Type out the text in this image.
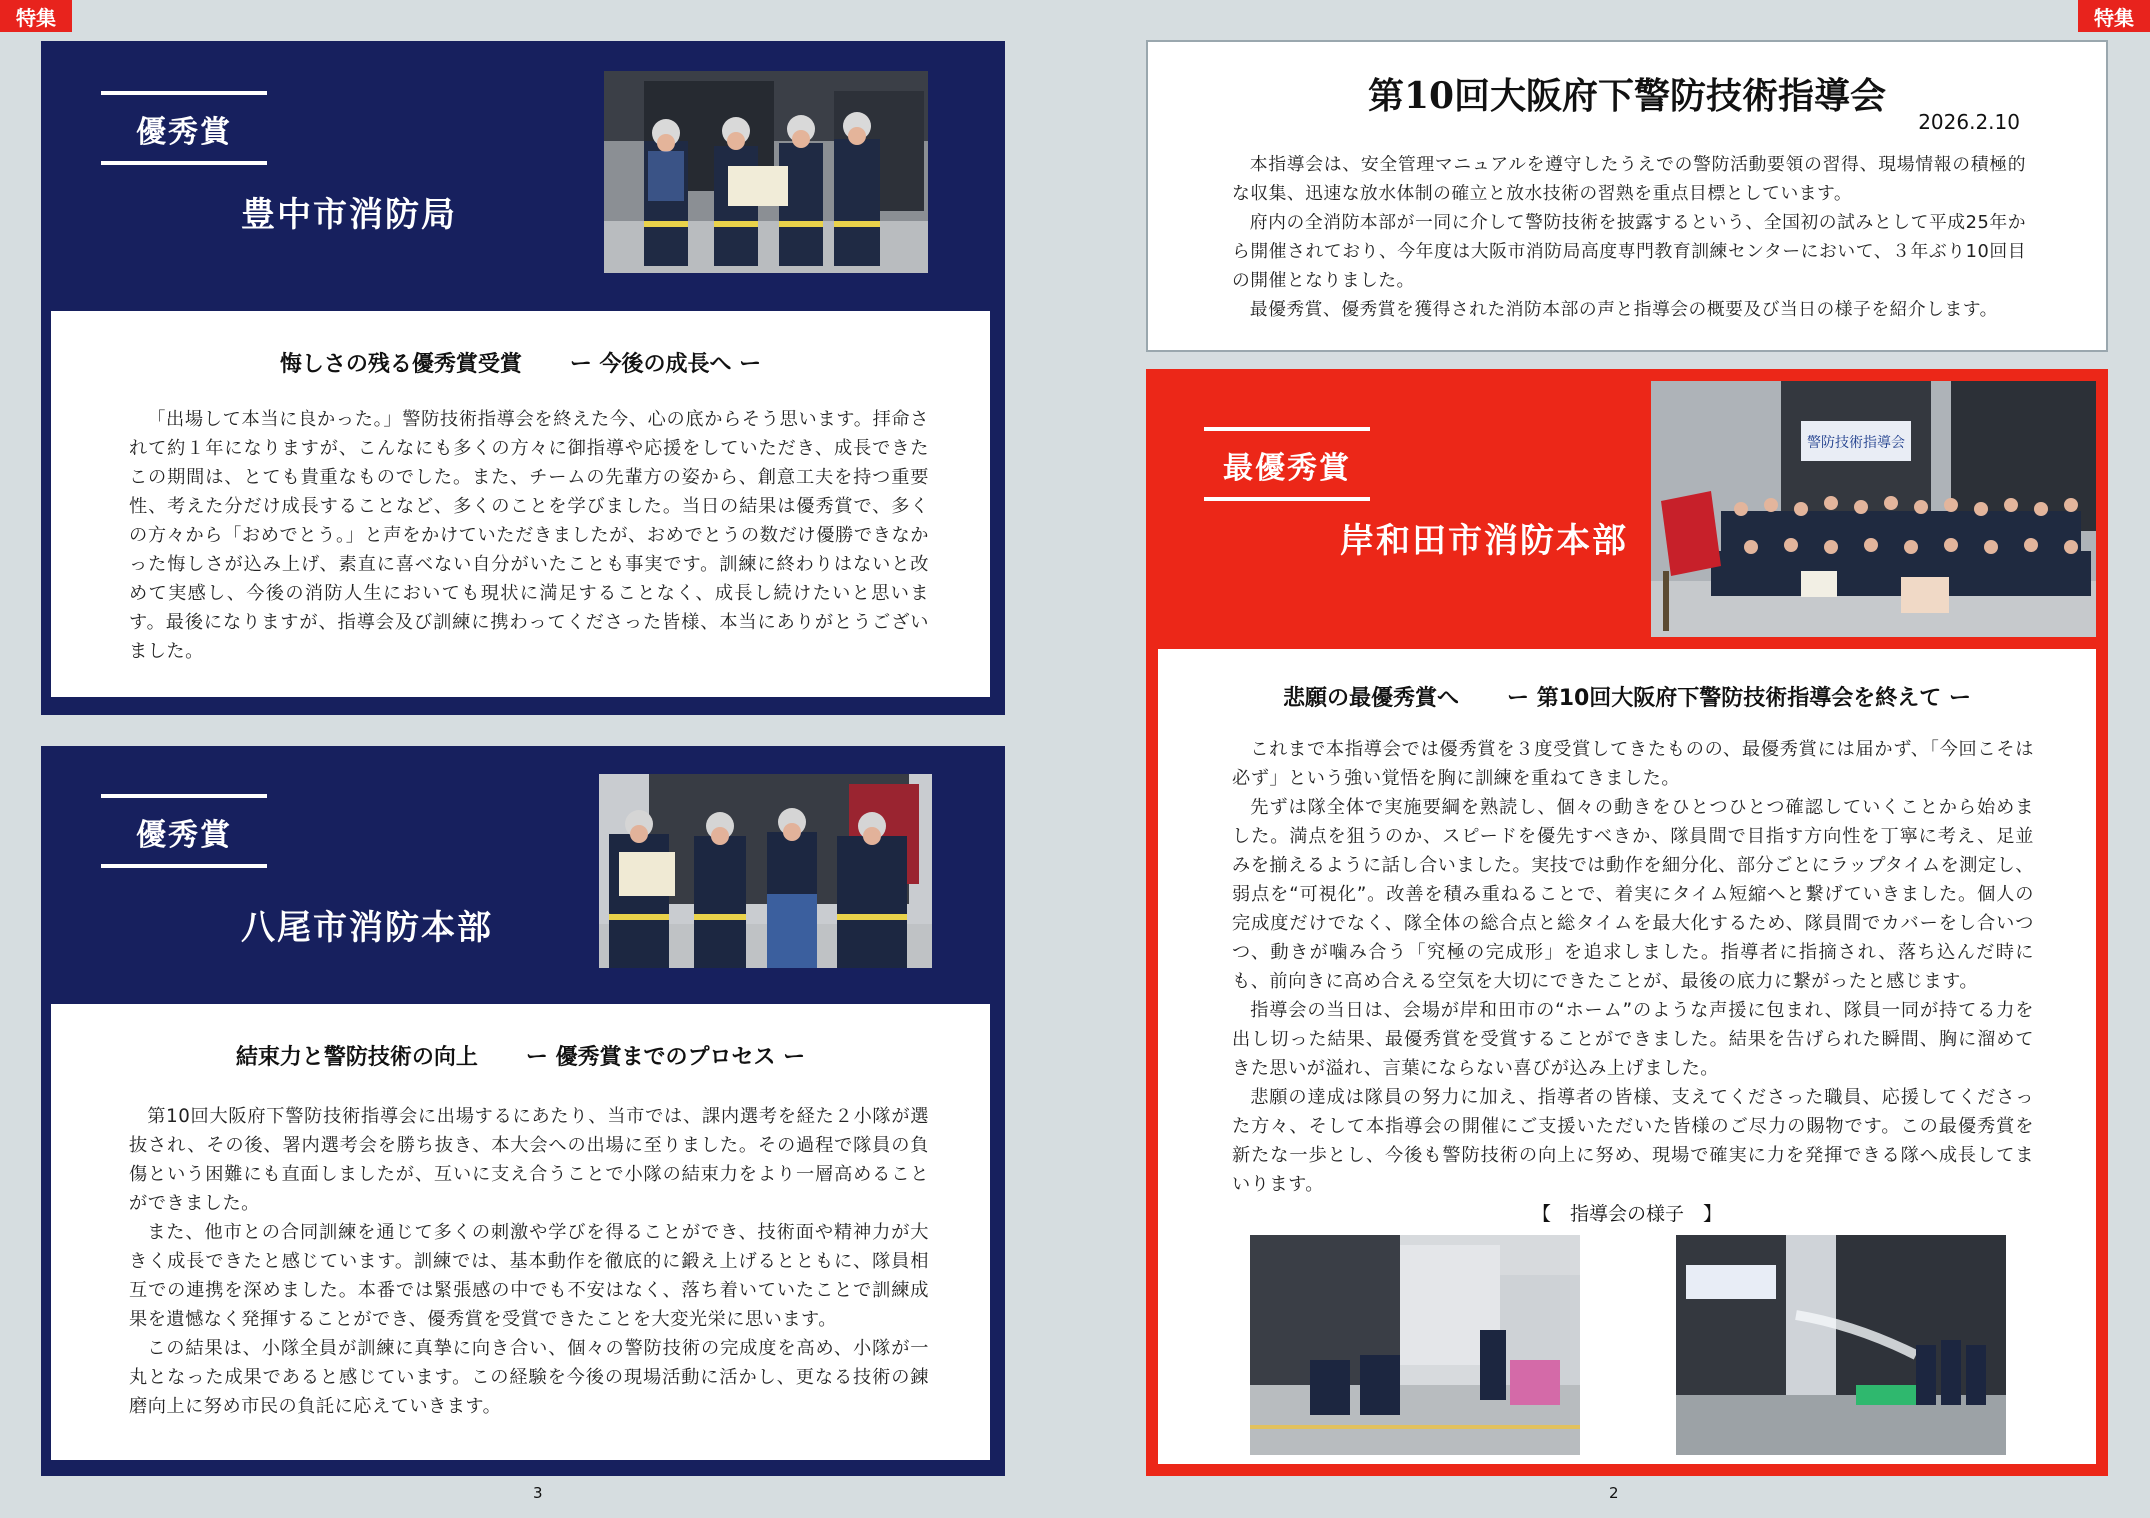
特集	特集
優秀賞
豊中市消防局
悔しさの残る優秀賞受賞 ー 今後の成長へ ー

「出場して本当に良かった。」警防技術指導会を終えた今、心の底からそう思います。拝命されて約１年になりますが、こんなにも多くの方々に御指導や応援をしていただき、成長できたこの期間は、とても貴重なものでした。また、チームの先輩方の姿から、創意工夫を持つ重要性、考えた分だけ成長することなど、多くのことを学びました。当日の結果は優秀賞で、多くの方々から「おめでとう。」と声をかけていただきましたが、おめでとうの数だけ優勝できなかった悔しさが込み上げ、素直に喜べない自分がいたことも事実です。訓練に終わりはないと改めて実感し、今後の消防人生においても現状に満足することなく、成長し続けたいと思います。最後になりますが、指導会及び訓練に携わってくださった皆様、本当にありがとうございました。

優秀賞
八尾市消防本部
結束力と警防技術の向上 ー 優秀賞までのプロセス ー

第10回大阪府下警防技術指導会に出場するにあたり、当市では、課内選考を経た２小隊が選抜され、その後、署内選考会を勝ち抜き、本大会への出場に至りました。その過程で隊員の負傷という困難にも直面しましたが、互いに支え合うことで小隊の結束力をより一層高めることができました。

また、他市との合同訓練を通じて多くの刺激や学びを得ることができ、技術面や精神力が大きく成長できたと感じています。訓練では、基本動作を徹底的に鍛え上げるとともに、隊員相互での連携を深めました。本番では緊張感の中でも不安はなく、落ち着いていたことで訓練成果を遺憾なく発揮することができ、優秀賞を受賞できたことを大変光栄に思います。

この結果は、小隊全員が訓練に真摯に向き合い、個々の警防技術の完成度を高め、小隊が一丸となった成果であると感じています。この経験を今後の現場活動に活かし、更なる技術の錬磨向上に努め市民の負託に応えていきます。

3
第10回大阪府下警防技術指導会
2026.2.10

本指導会は、安全管理マニュアルを遵守したうえでの警防活動要領の習得、現場情報の積極的な収集、迅速な放水体制の確立と放水技術の習熟を重点目標としています。

府内の全消防本部が一同に介して警防技術を披露するという、全国初の試みとして平成25年から開催されており、今年度は大阪市消防局高度専門教育訓練センターにおいて、３年ぶり10回目の開催となりました。

最優秀賞、優秀賞を獲得された消防本部の声と指導会の概要及び当日の様子を紹介します。

最優秀賞
岸和田市消防本部
警防技術指導会
悲願の最優秀賞へ ー 第10回大阪府下警防技術指導会を終えて ー

これまで本指導会では優秀賞を３度受賞してきたものの、最優秀賞には届かず、「今回こそは必ず」という強い覚悟を胸に訓練を重ねてきました。

先ずは隊全体で実施要綱を熟読し、個々の動きをひとつひとつ確認していくことから始めました。満点を狙うのか、スピードを優先すべきか、隊員間で目指す方向性を丁寧に考え、足並みを揃えるように話し合いました。実技では動作を細分化、部分ごとにラップタイムを測定し、弱点を“可視化”。改善を積み重ねることで、着実にタイム短縮へと繋げていきました。個人の完成度だけでなく、隊全体の総合点と総タイムを最大化するため、隊員間でカバーをし合いつつ、動きが噛み合う「究極の完成形」を追求しました。指導者に指摘され、落ち込んだ時にも、前向きに高め合える空気を大切にできたことが、最後の底力に繋がったと感じます。

指導会の当日は、会場が岸和田市の“ホーム”のような声援に包まれ、隊員一同が持てる力を出し切った結果、最優秀賞を受賞することができました。結果を告げられた瞬間、胸に溜めてきた思いが溢れ、言葉にならない喜びが込み上げました。

悲願の達成は隊員の努力に加え、指導者の皆様、支えてくださった職員、応援してくださった方々、そして本指導会の開催にご支援いただいた皆様のご尽力の賜物です。この最優秀賞を新たな一歩とし、今後も警防技術の向上に努め、現場で確実に力を発揮できる隊へ成長してまいります。

【　指導会の様子　】
2
